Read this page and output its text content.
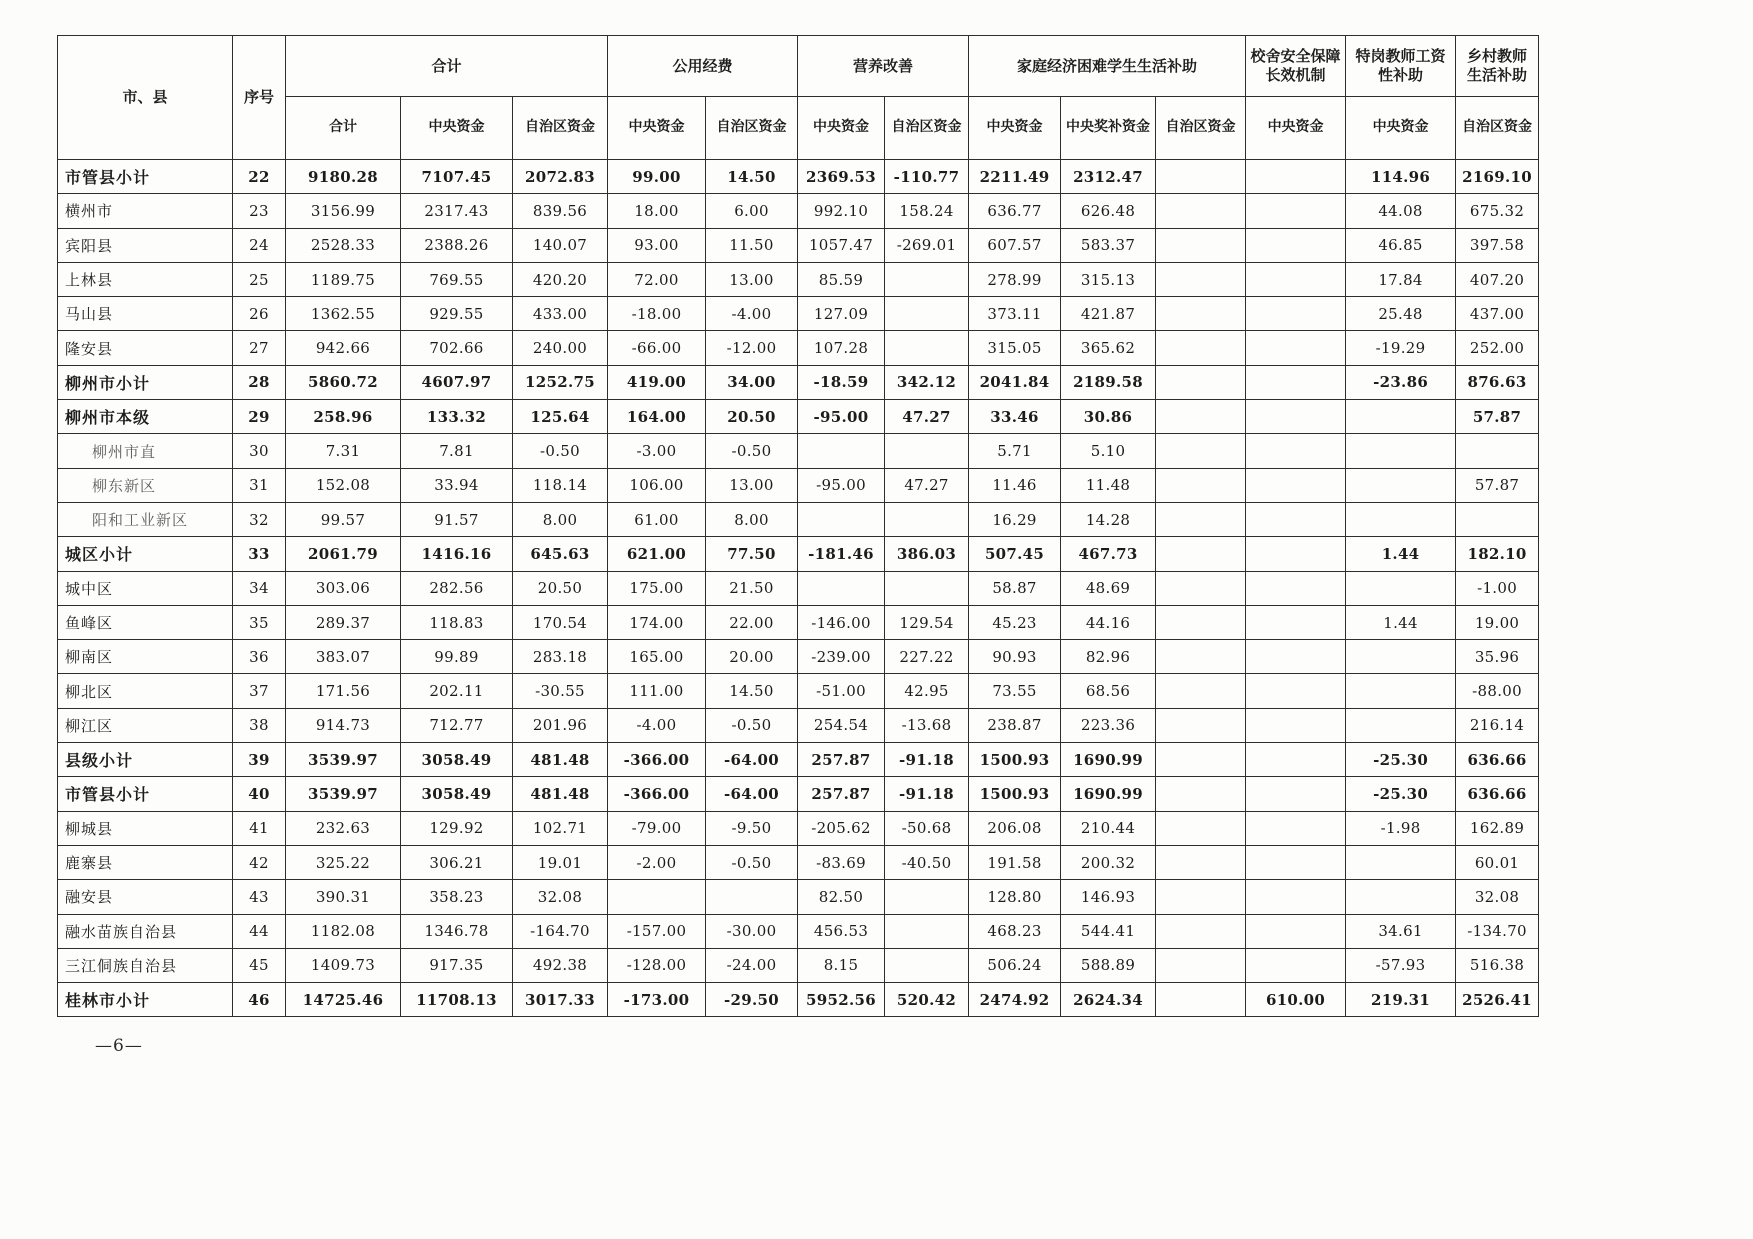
市、县	序号	合计			公用经费		营养改善		家庭经济困难学生生活补助			校舍安全保障长效机制	特岗教师工资性补助	乡村教师生活补助
		合计	中央资金	自治区资金	中央资金	自治区资金	中央资金	自治区资金	中央资金	中央奖补资金	自治区资金	中央资金	中央资金	自治区资金
市管县小计	22	9180.28	7107.45	2072.83	99.00	14.50	2369.53	-110.77	2211.49	2312.47			114.96	2169.10
横州市	23	3156.99	2317.43	839.56	18.00	6.00	992.10	158.24	636.77	626.48			44.08	675.32
宾阳县	24	2528.33	2388.26	140.07	93.00	11.50	1057.47	-269.01	607.57	583.37			46.85	397.58
上林县	25	1189.75	769.55	420.20	72.00	13.00	85.59		278.99	315.13			17.84	407.20
马山县	26	1362.55	929.55	433.00	-18.00	-4.00	127.09		373.11	421.87			25.48	437.00
隆安县	27	942.66	702.66	240.00	-66.00	-12.00	107.28		315.05	365.62			-19.29	252.00
柳州市小计	28	5860.72	4607.97	1252.75	419.00	34.00	-18.59	342.12	2041.84	2189.58			-23.86	876.63
柳州市本级	29	258.96	133.32	125.64	164.00	20.50	-95.00	47.27	33.46	30.86				57.87
柳州市直	30	7.31	7.81	-0.50	-3.00	-0.50			5.71	5.10				
柳东新区	31	152.08	33.94	118.14	106.00	13.00	-95.00	47.27	11.46	11.48				57.87
阳和工业新区	32	99.57	91.57	8.00	61.00	8.00			16.29	14.28				
城区小计	33	2061.79	1416.16	645.63	621.00	77.50	-181.46	386.03	507.45	467.73			1.44	182.10
城中区	34	303.06	282.56	20.50	175.00	21.50			58.87	48.69				-1.00
鱼峰区	35	289.37	118.83	170.54	174.00	22.00	-146.00	129.54	45.23	44.16			1.44	19.00
柳南区	36	383.07	99.89	283.18	165.00	20.00	-239.00	227.22	90.93	82.96				35.96
柳北区	37	171.56	202.11	-30.55	111.00	14.50	-51.00	42.95	73.55	68.56				-88.00
柳江区	38	914.73	712.77	201.96	-4.00	-0.50	254.54	-13.68	238.87	223.36				216.14
县级小计	39	3539.97	3058.49	481.48	-366.00	-64.00	257.87	-91.18	1500.93	1690.99			-25.30	636.66
市管县小计	40	3539.97	3058.49	481.48	-366.00	-64.00	257.87	-91.18	1500.93	1690.99			-25.30	636.66
柳城县	41	232.63	129.92	102.71	-79.00	-9.50	-205.62	-50.68	206.08	210.44			-1.98	162.89
鹿寨县	42	325.22	306.21	19.01	-2.00	-0.50	-83.69	-40.50	191.58	200.32				60.01
融安县	43	390.31	358.23	32.08			82.50		128.80	146.93				32.08
融水苗族自治县	44	1182.08	1346.78	-164.70	-157.00	-30.00	456.53		468.23	544.41			34.61	-134.70
三江侗族自治县	45	1409.73	917.35	492.38	-128.00	-24.00	8.15		506.24	588.89			-57.93	516.38
桂林市小计	46	14725.46	11708.13	3017.33	-173.00	-29.50	5952.56	520.42	2474.92	2624.34		610.00	219.31	2526.41
—6—
